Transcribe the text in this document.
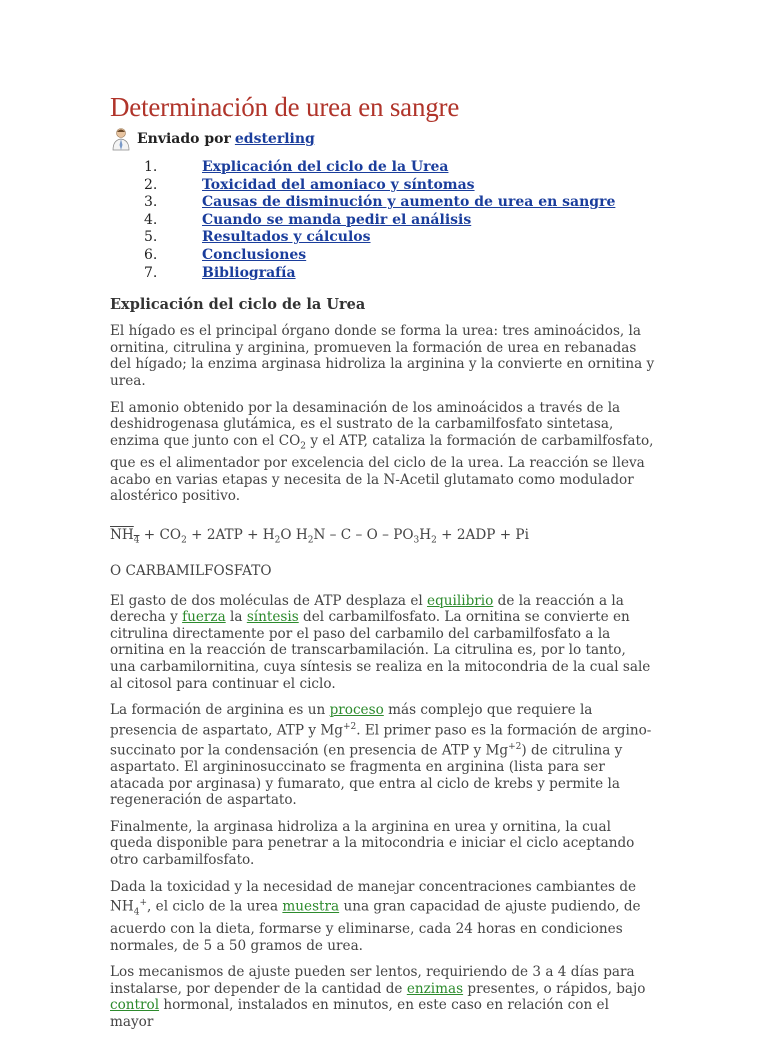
Determinación de urea en sangre
Enviado por edsterling
1.	Explicación del ciclo de la Urea
2.	Toxicidad del amoniaco y síntomas
3.	Causas de disminución y aumento de urea en sangre
4.	Cuando se manda pedir el análisis
5.	Resultados y cálculos
6.	Conclusiones
7.	Bibliografía
Explicación del ciclo de la Urea

El hígado es el principal órgano donde se forma la urea: tres aminoácidos, la ornitina, citrulina y arginina, promueven la formación de urea en rebanadas del hígado; la enzima arginasa hidroliza la arginina y la convierte en ornitina y urea.

El amonio obtenido por la desaminación de los aminoácidos a través de la deshidrogenasa glutámica, es el sustrato de la carbamilfosfato sintetasa, enzima que junto con el $CO_2$ y el ATP, cataliza la formación de carbamilfosfato, que es el alimentador por excelencia del ciclo de la urea. La reacción se lleva acabo en varias etapas y necesita de la N-Acetil glutamato como modulador alostérico positivo.

$NH_4 + CO_2 + 2ATP + H_2O$ $H_2N - C - O - PO_3H_2 + 2ADP + Pi$
O CARBAMILFOSFATO

El gasto de dos moléculas de ATP desplaza el equilibrio de la reacción a la derecha y fuerza la síntesis del carbamilfosfato. La ornitina se convierte en citrulina directamente por el paso del carbamilo del carbamilfosfato a la ornitina en la reacción de transcarbamilación. La citrulina es, por lo tanto, una carbamilornitina, cuya síntesis se realiza en la mitocondria de la cual sale al citosol para continuar el ciclo.

La formación de arginina es un proceso más complejo que requiere la presencia de aspartato, ATP y $Mg^{+2}$. El primer paso es la formación de argino-succinato por la condensación (en presencia de ATP y $Mg^{+2}$) de citrulina y aspartato. El argininosuccinato se fragmenta en arginina (lista para ser atacada por arginasa) y fumarato, que entra al ciclo de krebs y permite la regeneración de aspartato.

Finalmente, la arginasa hidroliza a la arginina en urea y ornitina, la cual queda disponible para penetrar a la mitocondria e iniciar el ciclo aceptando otro carbamilfosfato.

Dada la toxicidad y la necesidad de manejar concentraciones cambiantes de $NH_4^+$, el ciclo de la urea muestra una gran capacidad de ajuste pudiendo, de acuerdo con la dieta, formarse y eliminarse, cada 24 horas en condiciones normales, de 5 a 50 gramos de urea.

Los mecanismos de ajuste pueden ser lentos, requiriendo de 3 a 4 días para instalarse, por depender de la cantidad de enzimas presentes, o rápidos, bajo control hormonal, instalados en minutos, en este caso en relación con el mayor
